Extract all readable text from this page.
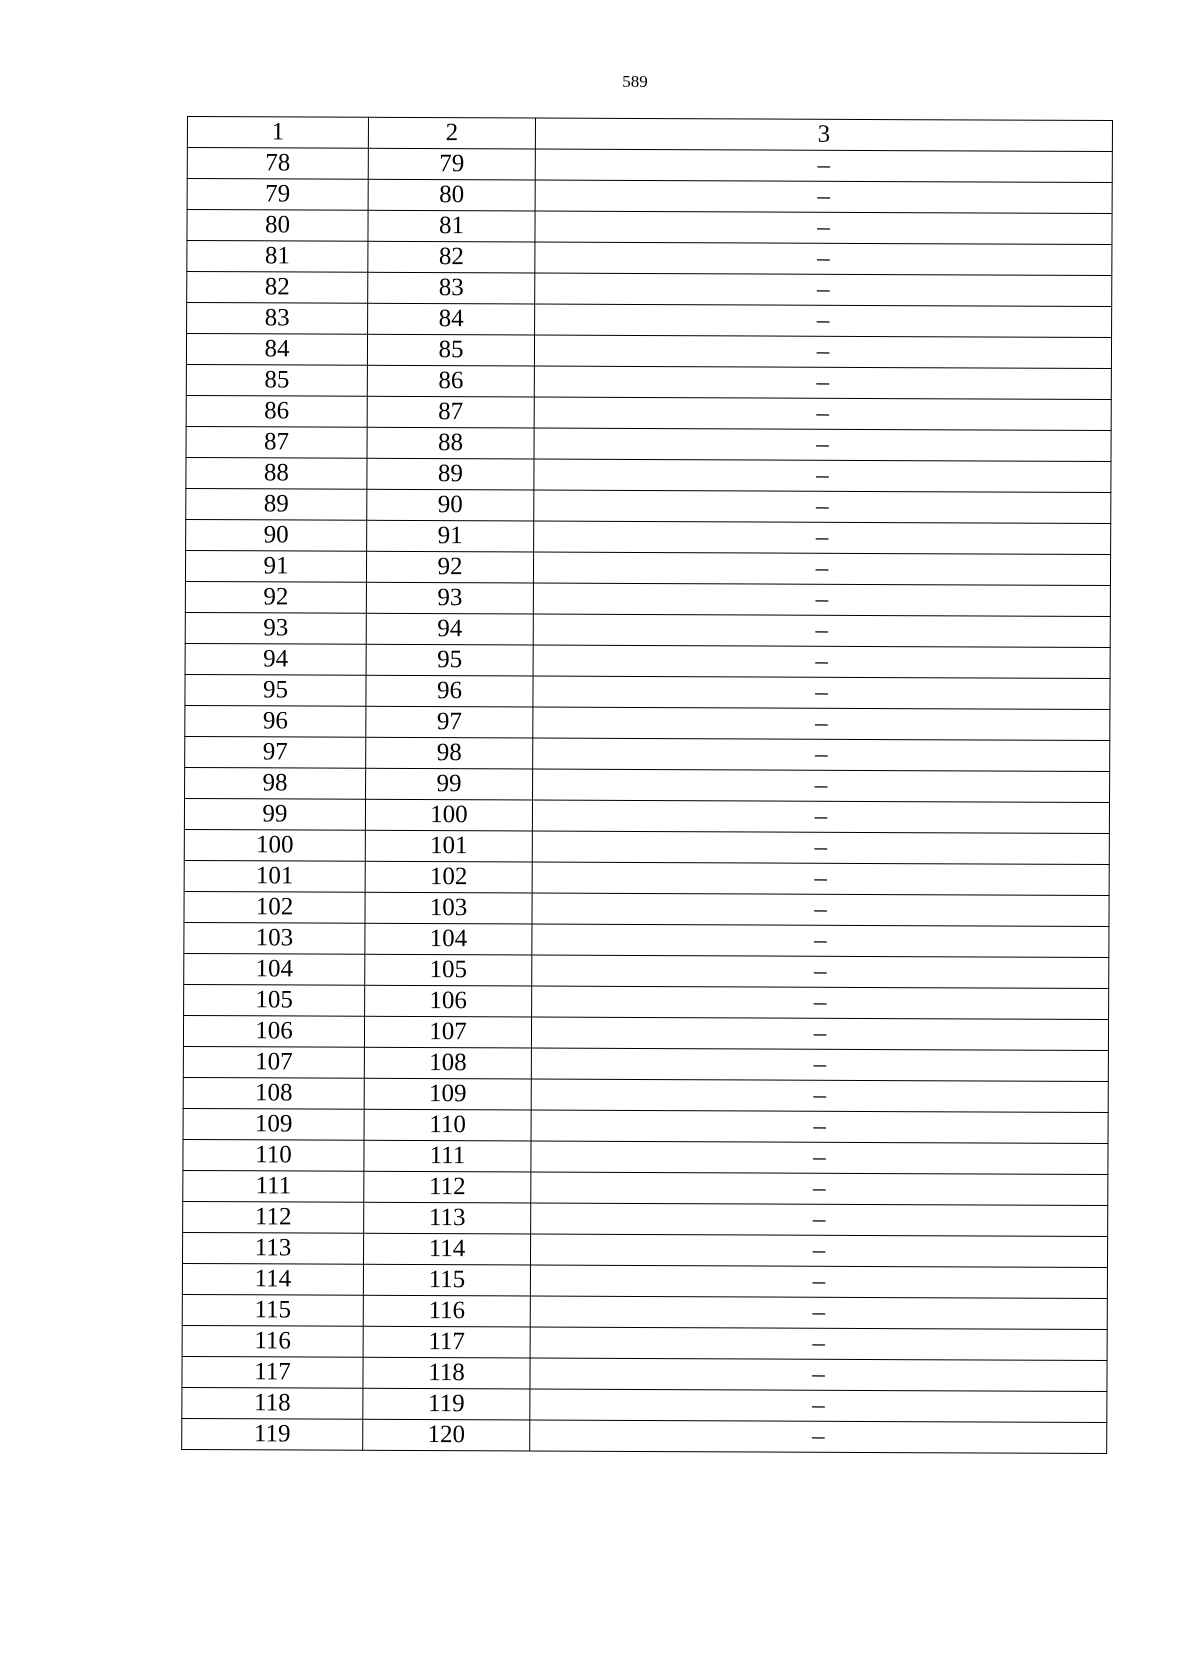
589
1	2	3
78	79	–
79	80	–
80	81	–
81	82	–
82	83	–
83	84	–
84	85	–
85	86	–
86	87	–
87	88	–
88	89	–
89	90	–
90	91	–
91	92	–
92	93	–
93	94	–
94	95	–
95	96	–
96	97	–
97	98	–
98	99	–
99	100	–
100	101	–
101	102	–
102	103	–
103	104	–
104	105	–
105	106	–
106	107	–
107	108	–
108	109	–
109	110	–
110	111	–
111	112	–
112	113	–
113	114	–
114	115	–
115	116	–
116	117	–
117	118	–
118	119	–
119	120	–
